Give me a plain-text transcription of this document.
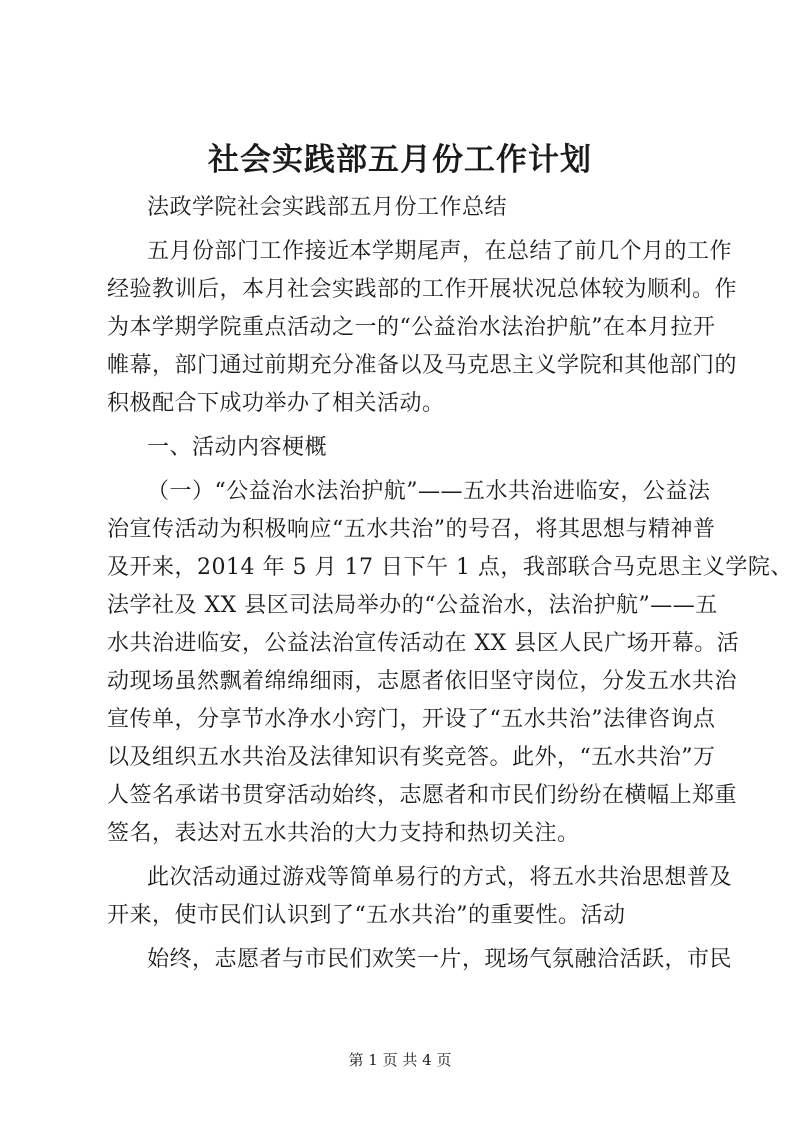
社会实践部五月份工作计划
法政学院社会实践部五月份工作总结
五月份部门工作接近本学期尾声，在总结了前几个月的工作
经验教训后，本月社会实践部的工作开展状况总体较为顺利。作
为本学期学院重点活动之一的“公益治水法治护航”在本月拉开
帷幕，部门通过前期充分准备以及马克思主义学院和其他部门的
积极配合下成功举办了相关活动。
一、活动内容梗概
（一）“公益治水法治护航”——五水共治进临安，公益法
治宣传活动为积极响应“五水共治”的号召，将其思想与精神普
及开来，2014 年 5 月 17 日下午 1 点，我部联合马克思主义学院、
法学社及 XX 县区司法局举办的“公益治水，法治护航”——五
水共治进临安，公益法治宣传活动在 XX 县区人民广场开幕。活
动现场虽然飘着绵绵细雨，志愿者依旧坚守岗位，分发五水共治
宣传单，分享节水净水小窍门，开设了“五水共治”法律咨询点
以及组织五水共治及法律知识有奖竞答。此外，“五水共治”万
人签名承诺书贯穿活动始终，志愿者和市民们纷纷在横幅上郑重
签名，表达对五水共治的大力支持和热切关注。
此次活动通过游戏等简单易行的方式，将五水共治思想普及
开来，使市民们认识到了“五水共治”的重要性。活动
始终，志愿者与市民们欢笑一片，现场气氛融洽活跃，市民
第 1 页 共 4 页
